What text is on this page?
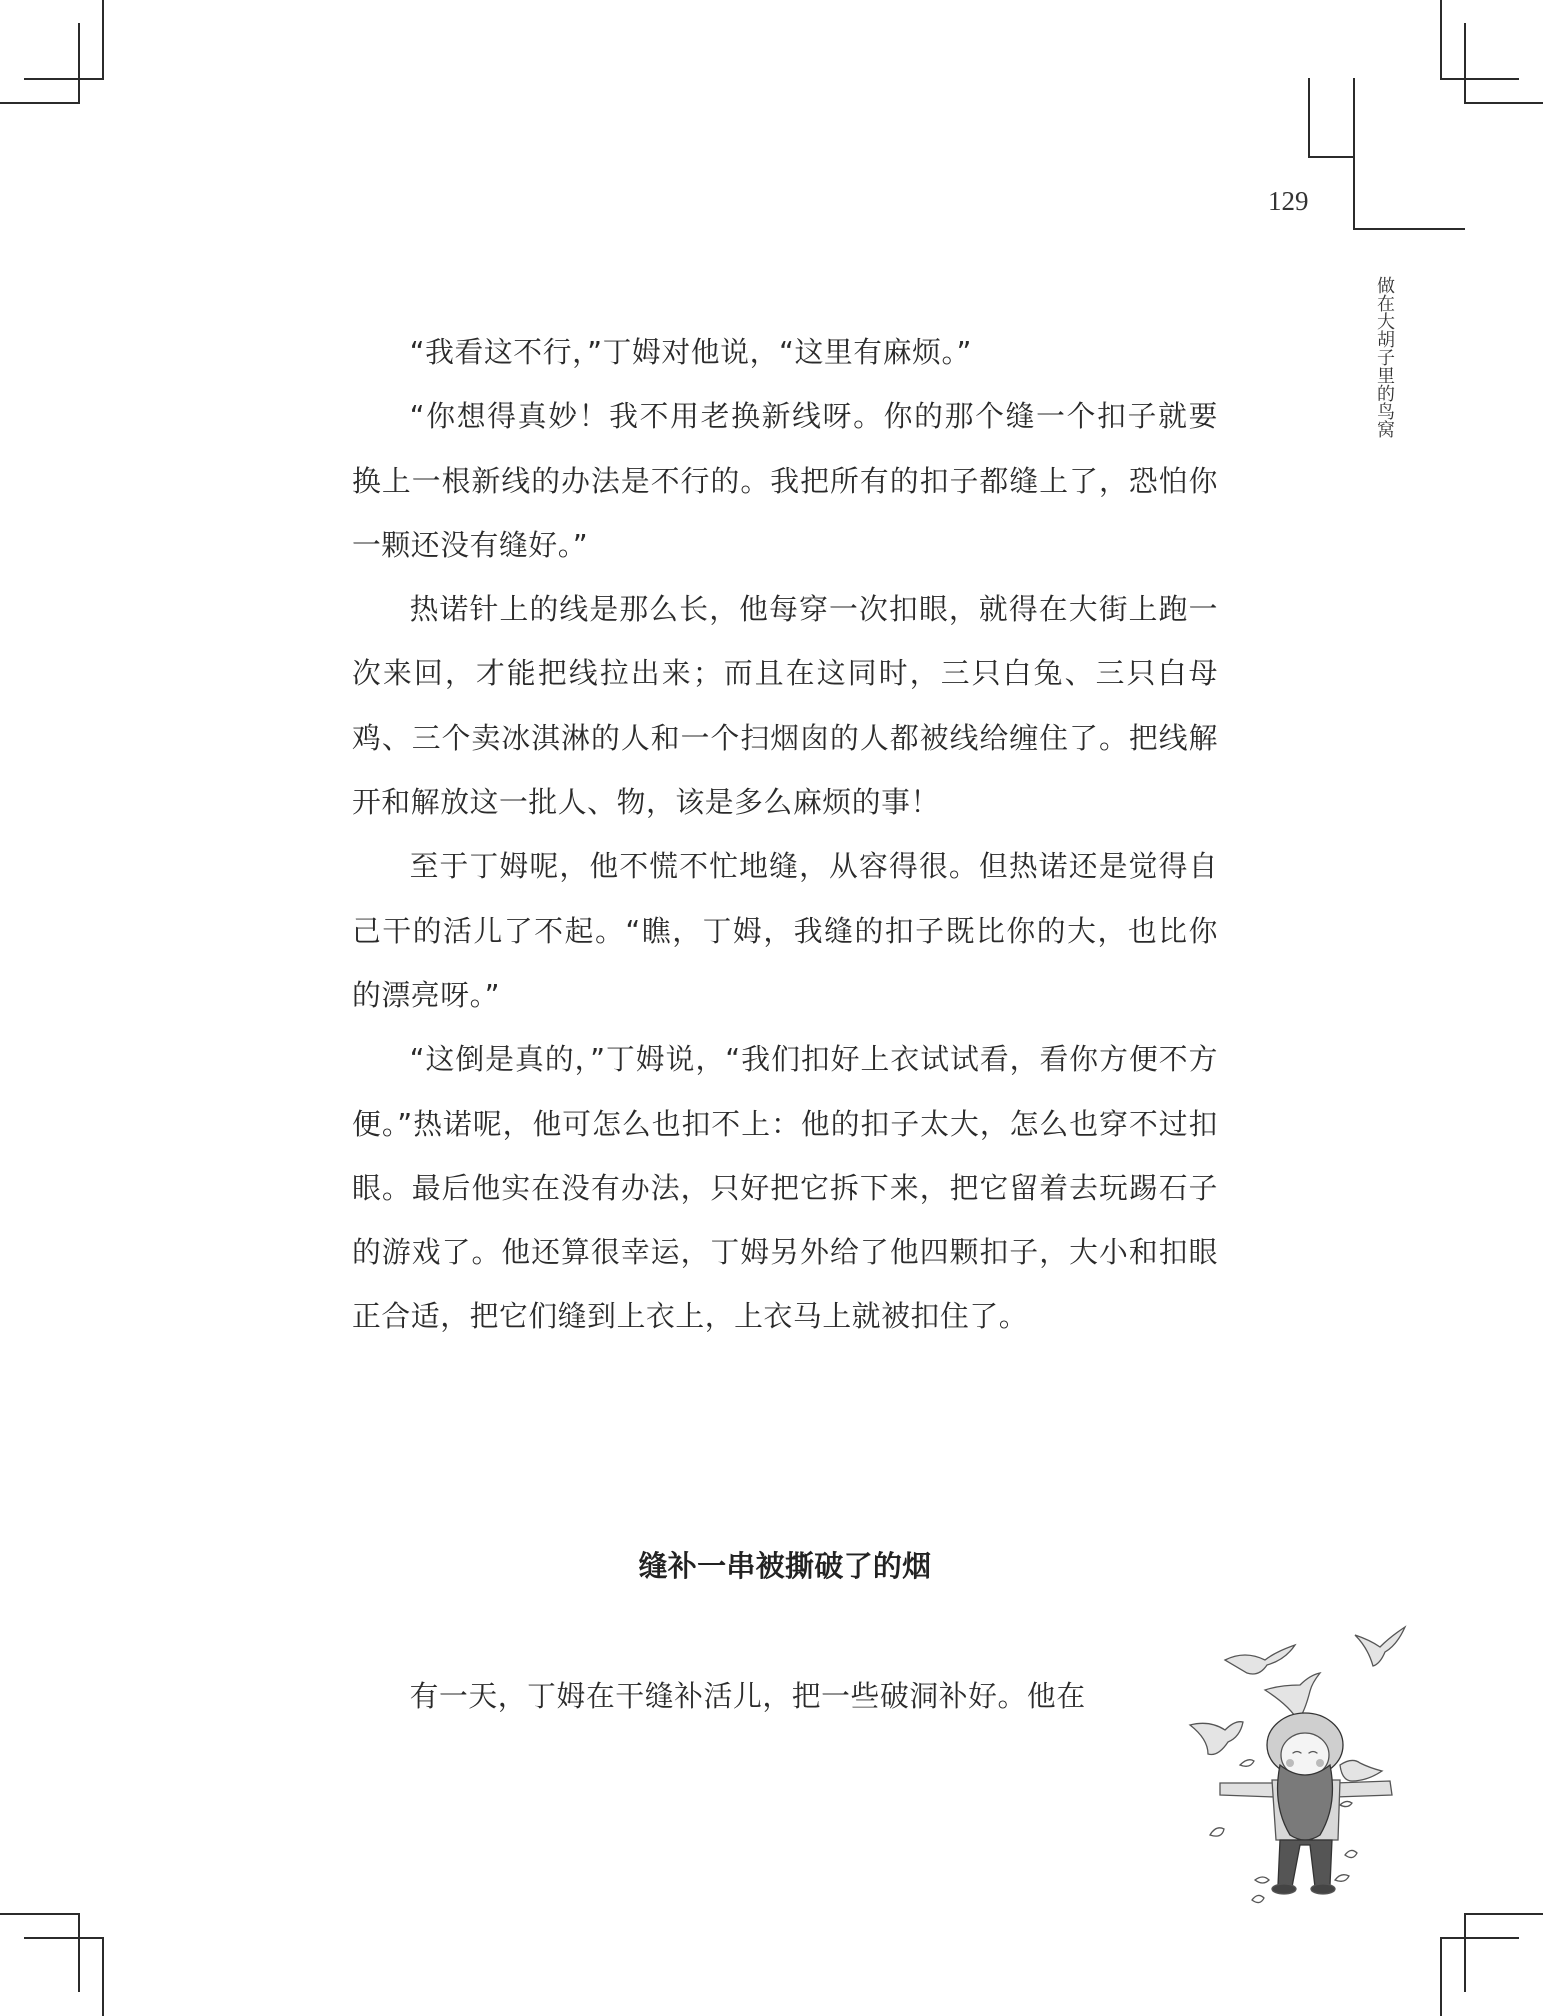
129
做在大胡子里的鸟窝

“我看这不行，”丁姆对他说，“这里有麻烦。”

“你想得真妙！我不用老换新线呀。你的那个缝一个扣子就要换上一根新线的办法是不行的。我把所有的扣子都缝上了，恐怕你一颗还没有缝好。”

热诺针上的线是那么长，他每穿一次扣眼，就得在大街上跑一次来回，才能把线拉出来；而且在这同时，三只白兔、三只白母鸡、三个卖冰淇淋的人和一个扫烟囱的人都被线给缠住了。把线解开和解放这一批人、物，该是多么麻烦的事！

至于丁姆呢，他不慌不忙地缝，从容得很。但热诺还是觉得自己干的活儿了不起。“瞧，丁姆，我缝的扣子既比你的大，也比你的漂亮呀。”

“这倒是真的，”丁姆说，“我们扣好上衣试试看，看你方便不方便。”热诺呢，他可怎么也扣不上：他的扣子太大，怎么也穿不过扣眼。最后他实在没有办法，只好把它拆下来，把它留着去玩踢石子的游戏了。他还算很幸运，丁姆另外给了他四颗扣子，大小和扣眼正合适，把它们缝到上衣上，上衣马上就被扣住了。

缝补一串被撕破了的烟

有一天，丁姆在干缝补活儿，把一些破洞补好。他在
